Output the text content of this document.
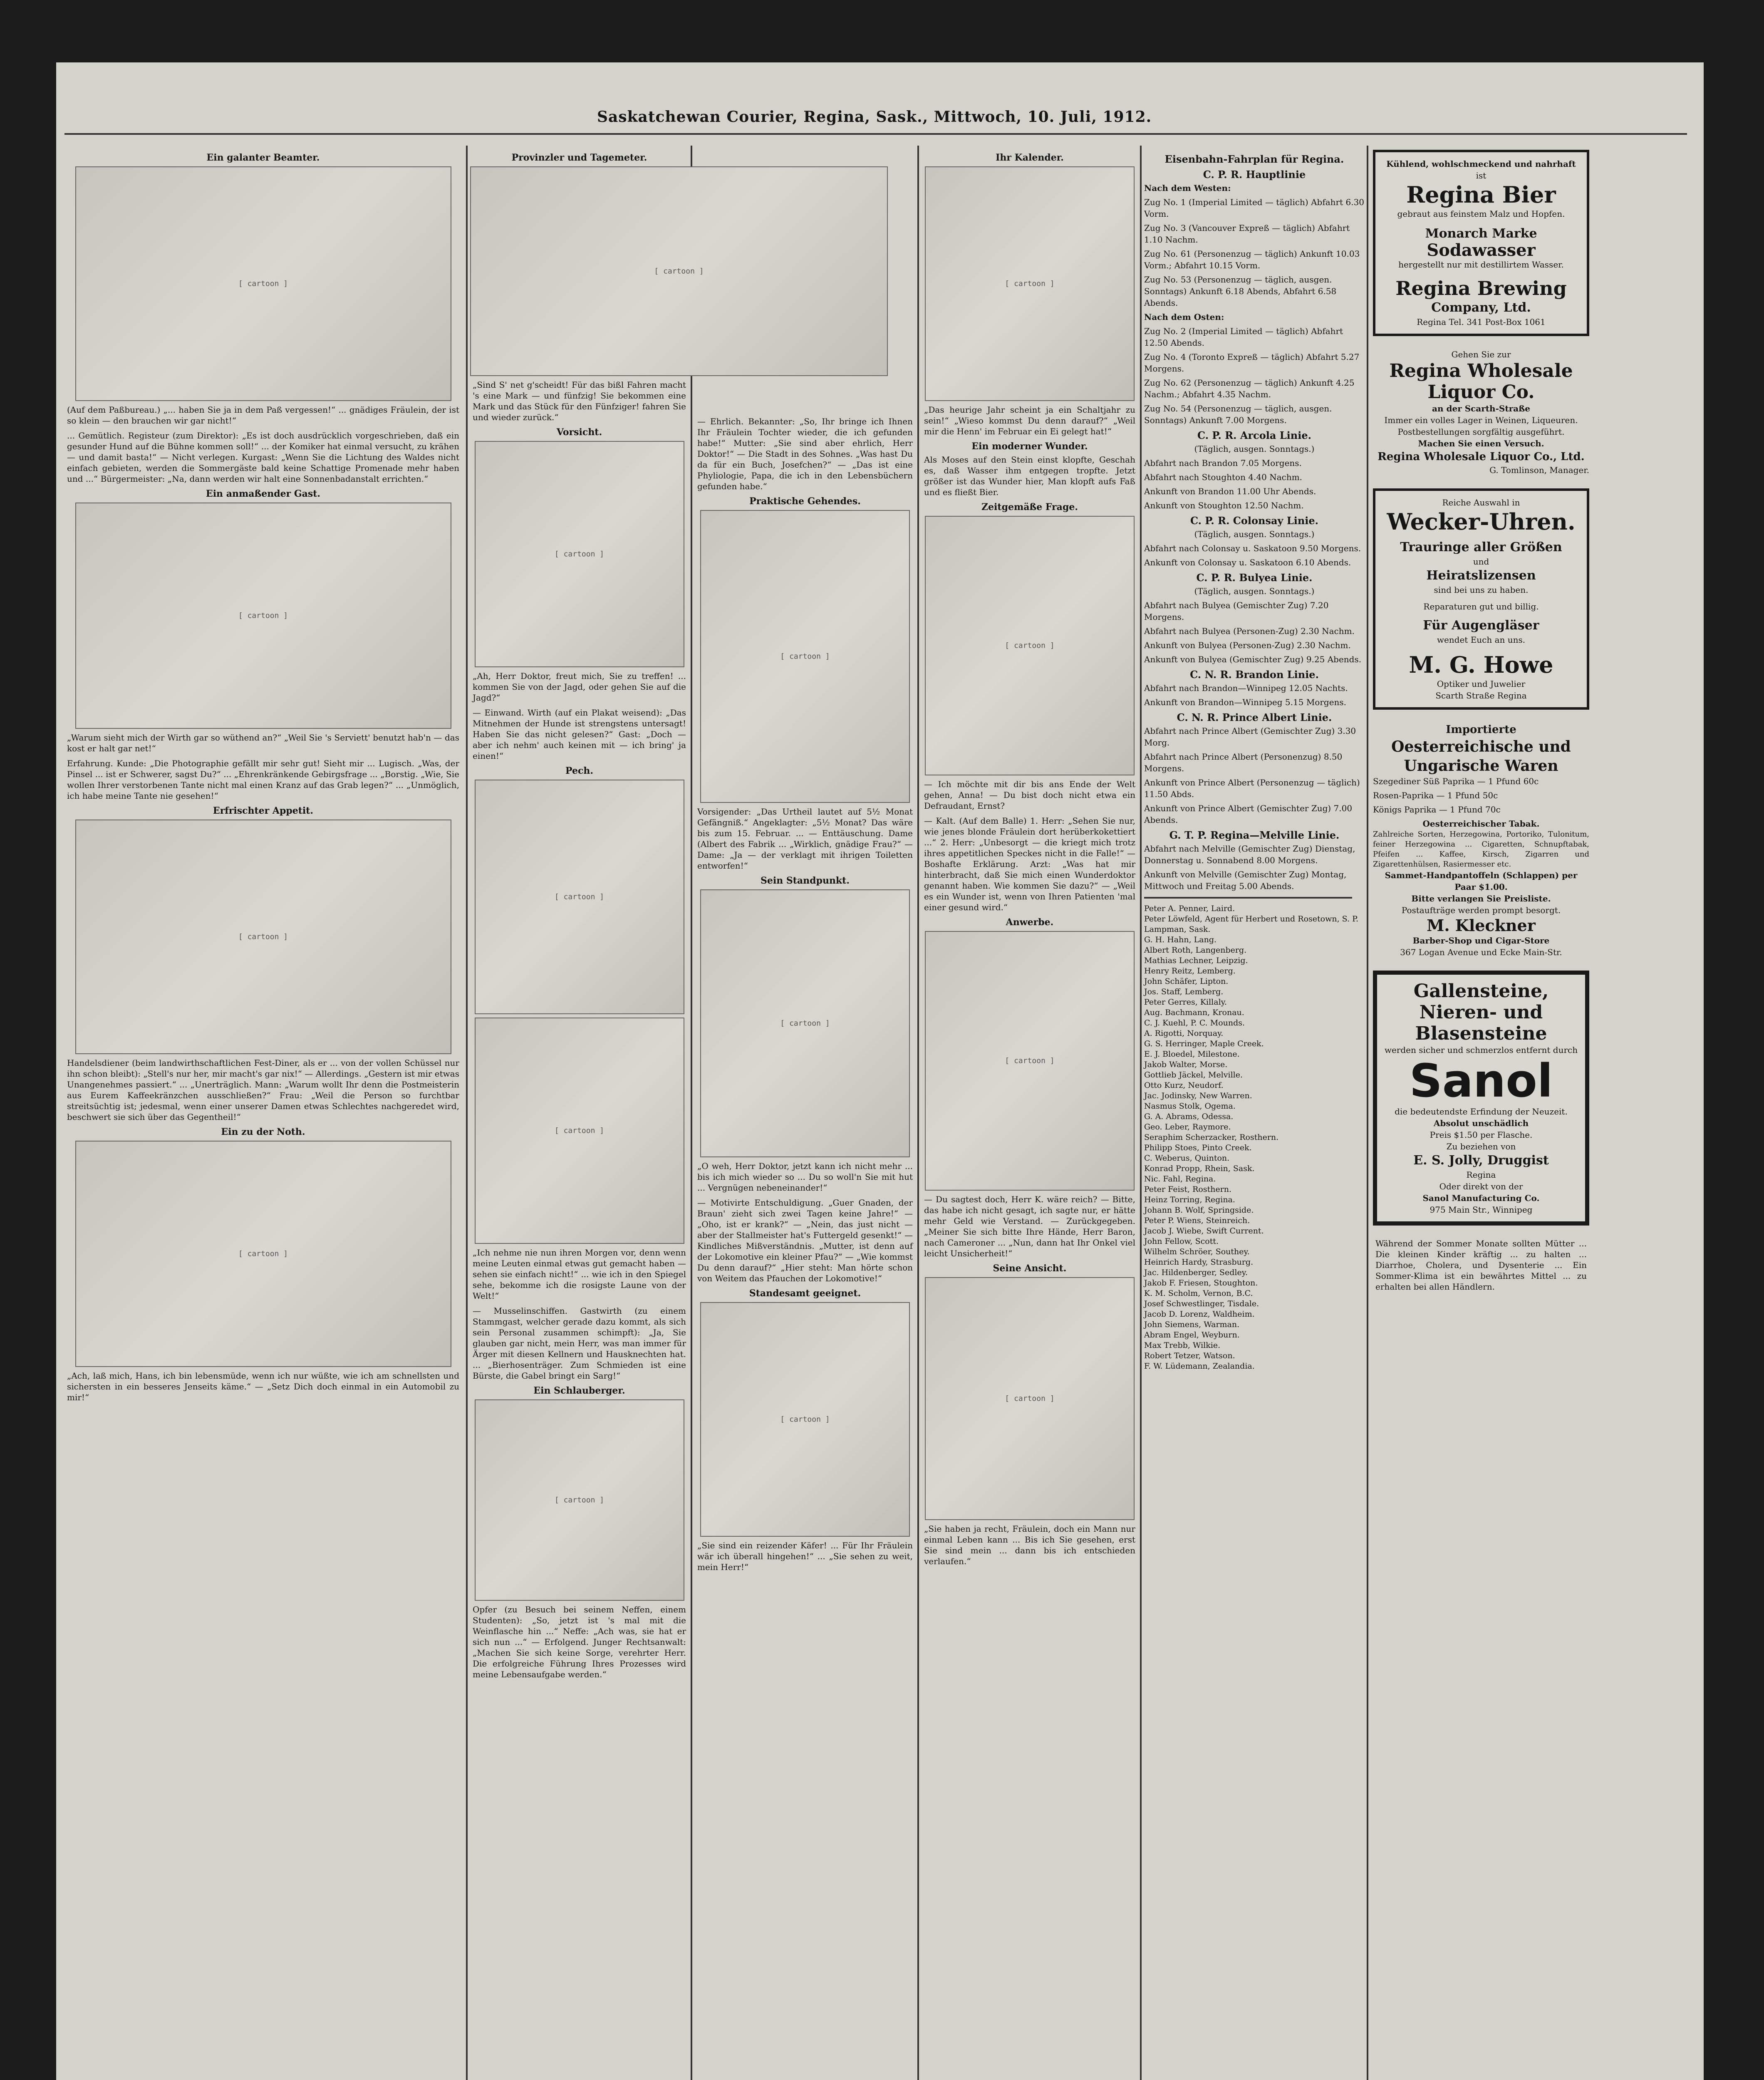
Saskatchewan Courier, Regina, Sask., Mittwoch, 10. Juli, 1912.
Ein galanter Beamter.
[ cartoon ]
(Auf dem Paßbureau.) „... haben Sie ja in dem Paß vergessen!“ ... gnädiges Fräulein, der ist so klein — den brauchen wir gar nicht!“
... Gemütlich. Registeur (zum Direktor): „Es ist doch ausdrücklich vorgeschrieben, daß ein gesunder Hund auf die Bühne kommen soll!“ ... der Komiker hat einmal versucht, zu krähen — und damit basta!“ — Nicht verlegen. Kurgast: „Wenn Sie die Lichtung des Waldes nicht einfach gebieten, werden die Sommergäste bald keine Schattige Promenade mehr haben und ...“ Bürgermeister: „Na, dann werden wir halt eine Sonnenbadanstalt errichten.“
Ein anmaßender Gast.
[ cartoon ]
„Warum sieht mich der Wirth gar so wüthend an?“ „Weil Sie 's Serviett' benutzt hab'n — das kost er halt gar net!“
Erfahrung. Kunde: „Die Photographie gefällt mir sehr gut! Sieht mir ... Lugisch. „Was, der Pinsel ... ist er Schwerer, sagst Du?“ ... „Ehrenkränkende Gebirgsfrage ... „Borstig. „Wie, Sie wollen Ihrer verstorbenen Tante nicht mal einen Kranz auf das Grab legen?“ ... „Unmöglich, ich habe meine Tante nie gesehen!“
Erfrischter Appetit.
[ cartoon ]
Handelsdiener (beim landwirthschaftlichen Fest-Diner, als er ... von der vollen Schüssel nur ihn schon bleibt): „Stell's nur her, mir macht's gar nix!“ — Allerdings. „Gestern ist mir etwas Unangenehmes passiert.“ ... „Unerträglich. Mann: „Warum wollt Ihr denn die Postmeisterin aus Eurem Kaffeekränzchen ausschließen?“ Frau: „Weil die Person so furchtbar streitsüchtig ist; jedesmal, wenn einer unserer Damen etwas Schlechtes nachgeredet wird, beschwert sie sich über das Gegentheil!“
Ein zu der Noth.
[ cartoon ]
„Ach, laß mich, Hans, ich bin lebensmüde, wenn ich nur wüßte, wie ich am schnellsten und sichersten in ein besseres Jenseits käme.“ — „Setz Dich doch einmal in ein Automobil zu mir!“
Provinzler und Tagemeter.
[ cartoon ]
„Sind S' net g'scheidt! Für das bißl Fahren macht 's eine Mark — und fünfzig! Sie bekommen eine Mark und das Stück für den Fünfziger! fahren Sie und wieder zurück.“
Vorsicht.
[ cartoon ]
„Ah, Herr Doktor, freut mich, Sie zu treffen! ... kommen Sie von der Jagd, oder gehen Sie auf die Jagd?“
— Einwand. Wirth (auf ein Plakat weisend): „Das Mitnehmen der Hunde ist strengstens untersagt! Haben Sie das nicht gelesen?“ Gast: „Doch — aber ich nehm' auch keinen mit — ich bring' ja einen!“
Pech.
[ cartoon ]
[ cartoon ]
„Ich nehme nie nun ihren Morgen vor, denn wenn meine Leuten einmal etwas gut gemacht haben — sehen sie einfach nicht!“ ... wie ich in den Spiegel sehe, bekomme ich die rosigste Laune von der Welt!“
— Musselinschiffen. Gastwirth (zu einem Stammgast, welcher gerade dazu kommt, als sich sein Personal zusammen schimpft): „Ja, Sie glauben gar nicht, mein Herr, was man immer für Ärger mit diesen Kellnern und Hausknechten hat. ... „Bierhosenträger. Zum Schmieden ist eine Bürste, die Gabel bringt ein Sarg!“
Ein Schlauberger.
[ cartoon ]
Opfer (zu Besuch bei seinem Neffen, einem Studenten): „So, jetzt ist 's mal mit die Weinflasche hin ...“ Neffe: „Ach was, sie hat er sich nun ...“ — Erfolgend. Junger Rechtsanwalt: „Machen Sie sich keine Sorge, verehrter Herr. Die erfolgreiche Führung Ihres Prozesses wird meine Lebensaufgabe werden.“
— Ehrlich. Bekannter: „So, Ihr bringe ich Ihnen Ihr Fräulein Tochter wieder, die ich gefunden habe!“ Mutter: „Sie sind aber ehrlich, Herr Doktor!“ — Die Stadt in des Sohnes. „Was hast Du da für ein Buch, Josefchen?“ — „Das ist eine Phyliologie, Papa, die ich in den Lebensbüchern gefunden habe.“
Praktische Gehendes.
[ cartoon ]
Vorsigender: „Das Urtheil lautet auf 5½ Monat Gefängniß.“ Angeklagter: „5½ Monat? Das wäre bis zum 15. Februar. ... — Enttäuschung. Dame (Albert des Fabrik ... „Wirklich, gnädige Frau?“ — Dame: „Ja — der verklagt mit ihrigen Toiletten entworfen!“
Sein Standpunkt.
[ cartoon ]
„O weh, Herr Doktor, jetzt kann ich nicht mehr ... bis ich mich wieder so ... Du so woll'n Sie mit hut ... Vergnügen nebeneinander!“
— Motivirte Entschuldigung. „Guer Gnaden, der Braun' zieht sich zwei Tagen keine Jahre!“ — „Oho, ist er krank?“ — „Nein, das just nicht — aber der Stallmeister hat's Futtergeld gesenkt!“ — Kindliches Mißverständnis. „Mutter, ist denn auf der Lokomotive ein kleiner Pfau?“ — „Wie kommst Du denn darauf?“ „Hier steht: Man hörte schon von Weitem das Pfauchen der Lokomotive!“
Standesamt geeignet.
[ cartoon ]
„Sie sind ein reizender Käfer! ... Für Ihr Fräulein wär ich überall hingehen!“ ... „Sie sehen zu weit, mein Herr!“
Ihr Kalender.
[ cartoon ]
„Das heurige Jahr scheint ja ein Schaltjahr zu sein!“ „Wieso kommst Du denn darauf?“ „Weil mir die Henn' im Februar ein Ei gelegt hat!“
Ein moderner Wunder.
Als Moses auf den Stein einst klopfte, Geschah es, daß Wasser ihm entgegen tropfte. Jetzt größer ist das Wunder hier, Man klopft aufs Faß und es fließt Bier.
Zeitgemäße Frage.
[ cartoon ]
— Ich möchte mit dir bis ans Ende der Welt gehen, Anna! — Du bist doch nicht etwa ein Defraudant, Ernst?
— Kalt. (Auf dem Balle) 1. Herr: „Sehen Sie nur, wie jenes blonde Fräulein dort herüberkokettiert ...“ 2. Herr: „Unbesorgt — die kriegt mich trotz ihres appetitlichen Speckes nicht in die Falle!“ — Boshafte Erklärung. Arzt: „Was hat mir hinterbracht, daß Sie mich einen Wunderdoktor genannt haben. Wie kommen Sie dazu?“ — „Weil es ein Wunder ist, wenn von Ihren Patienten 'mal einer gesund wird.“
Anwerbe.
[ cartoon ]
— Du sagtest doch, Herr K. wäre reich? — Bitte, das habe ich nicht gesagt, ich sagte nur, er hätte mehr Geld wie Verstand. — Zurückgegeben. „Meiner Sie sich bitte Ihre Hände, Herr Baron, nach Cameroner ... „Nun, dann hat Ihr Onkel viel leicht Unsicherheit!“
Seine Ansicht.
[ cartoon ]
„Sie haben ja recht, Fräulein, doch ein Mann nur einmal Leben kann ... Bis ich Sie gesehen, erst Sie sind mein ... dann bis ich entschieden verlaufen.“
Eisenbahn-Fahrplan für Regina.
C. P. R. Hauptlinie
Nach dem Westen:
Zug No. 1 (Imperial Limited — täglich) Abfahrt 6.30 Vorm.
Zug No. 3 (Vancouver Expreß — täglich) Abfahrt 1.10 Nachm.
Zug No. 61 (Personenzug — täglich) Ankunft 10.03 Vorm.; Abfahrt 10.15 Vorm.
Zug No. 53 (Personenzug — täglich, ausgen. Sonntags) Ankunft 6.18 Abends, Abfahrt 6.58 Abends.
Nach dem Osten:
Zug No. 2 (Imperial Limited — täglich) Abfahrt 12.50 Abends.
Zug No. 4 (Toronto Expreß — täglich) Abfahrt 5.27 Morgens.
Zug No. 62 (Personenzug — täglich) Ankunft 4.25 Nachm.; Abfahrt 4.35 Nachm.
Zug No. 54 (Personenzug — täglich, ausgen. Sonntags) Ankunft 7.00 Morgens.
C. P. R. Arcola Linie.
(Täglich, ausgen. Sonntags.)
Abfahrt nach Brandon 7.05 Morgens.
Abfahrt nach Stoughton 4.40 Nachm.
Ankunft von Brandon 11.00 Uhr Abends.
Ankunft von Stoughton 12.50 Nachm.
C. P. R. Colonsay Linie.
(Täglich, ausgen. Sonntags.)
Abfahrt nach Colonsay u. Saskatoon 9.50 Morgens.
Ankunft von Colonsay u. Saskatoon 6.10 Abends.
C. P. R. Bulyea Linie.
(Täglich, ausgen. Sonntags.)
Abfahrt nach Bulyea (Gemischter Zug) 7.20 Morgens.
Abfahrt nach Bulyea (Personen-Zug) 2.30 Nachm.
Ankunft von Bulyea (Personen-Zug) 2.30 Nachm.
Ankunft von Bulyea (Gemischter Zug) 9.25 Abends.
C. N. R. Brandon Linie.
Abfahrt nach Brandon—Winnipeg 12.05 Nachts.
Ankunft von Brandon—Winnipeg 5.15 Morgens.
C. N. R. Prince Albert Linie.
Abfahrt nach Prince Albert (Gemischter Zug) 3.30 Morg.
Abfahrt nach Prince Albert (Personenzug) 8.50 Morgens.
Ankunft von Prince Albert (Personenzug — täglich) 11.50 Abds.
Ankunft von Prince Albert (Gemischter Zug) 7.00 Abends.
G. T. P. Regina—Melville Linie.
Abfahrt nach Melville (Gemischter Zug) Dienstag, Donnerstag u. Sonnabend 8.00 Morgens.
Ankunft von Melville (Gemischter Zug) Montag, Mittwoch und Freitag 5.00 Abends.
Peter A. Penner, Laird.
Peter Löwfeld, Agent für Herbert und Rosetown, S. P.
Lampman, Sask.
G. H. Hahn, Lang.
Albert Roth, Langenberg.
Mathias Lechner, Leipzig.
Henry Reitz, Lemberg.
John Schäfer, Lipton.
Jos. Staff, Lemberg.
Peter Gerres, Killaly.
Aug. Bachmann, Kronau.
C. J. Kuehl, P. C. Mounds.
A. Rigotti, Norquay.
G. S. Herringer, Maple Creek.
E. J. Bloedel, Milestone.
Jakob Walter, Morse.
Gottlieb Jäckel, Melville.
Otto Kurz, Neudorf.
Jac. Jodinsky, New Warren.
Nasmus Stolk, Ogema.
G. A. Abrams, Odessa.
Geo. Leber, Raymore.
Seraphim Scherzacker, Rosthern.
Philipp Stoes, Pinto Creek.
C. Weberus, Quinton.
Konrad Propp, Rhein, Sask.
Nic. Fahl, Regina.
Peter Feist, Rosthern.
Heinz Torring, Regina.
Johann B. Wolf, Springside.
Peter P. Wiens, Steinreich.
Jacob J. Wiebe, Swift Current.
John Fellow, Scott.
Wilhelm Schröer, Southey.
Heinrich Hardy, Strasburg.
Jac. Hildenberger, Sedley.
Jakob F. Friesen, Stoughton.
K. M. Scholm, Vernon, B.C.
Josef Schwestlinger, Tisdale.
Jacob D. Lorenz, Waldheim.
John Siemens, Warman.
Abram Engel, Weyburn.
Max Trebb, Wilkie.
Robert Tetzer, Watson.
F. W. Lüdemann, Zealandia.
Kühlend, wohlschmeckend und nahrhaft
ist
Regina Bier
gebraut aus feinstem Malz und Hopfen.
Monarch Marke
Sodawasser
hergestellt nur mit destillirtem Wasser.
Regina Brewing
Company, Ltd.
Regina Tel. 341 Post-Box 1061
Gehen Sie zur
Regina Wholesale Liquor Co.
an der Scarth-Straße
Immer ein volles Lager in Weinen, Liqueuren. Postbestellungen sorgfältig ausgeführt.
Machen Sie einen Versuch.
Regina Wholesale Liquor Co., Ltd.
G. Tomlinson, Manager.
Reiche Auswahl in
Wecker-Uhren.
Trauringe aller Größen
und
Heiratslizensen
sind bei uns zu haben.
Reparaturen gut und billig.
Für Augengläser
wendet Euch an uns.
M. G. Howe
Optiker und Juwelier
Scarth Straße Regina
Importierte
Oesterreichische und Ungarische Waren
Szegediner Süß Paprika — 1 Pfund 60c
Rosen-Paprika — 1 Pfund 50c
Königs Paprika — 1 Pfund 70c
Oesterreichischer Tabak.
Zahlreiche Sorten, Herzegowina, Portoriko, Tulonitum, feiner Herzegowina ... Cigaretten, Schnupftabak, Pfeifen ... Kaffee, Kirsch, Zigarren und Zigarettenhülsen, Rasiermesser etc.
Sammet-Handpantoffeln (Schlappen) per Paar $1.00.
Bitte verlangen Sie Preisliste.
Postaufträge werden prompt besorgt.
M. Kleckner
Barber-Shop und Cigar-Store
367 Logan Avenue und Ecke Main-Str.
Gallensteine,
Nieren- und
Blasensteine
werden sicher und schmerzlos entfernt durch
Sanol
die bedeutendste Erfindung der Neuzeit.
Absolut unschädlich
Preis $1.50 per Flasche.
Zu beziehen von
E. S. Jolly, Druggist
Regina
Oder direkt von der
Sanol Manufacturing Co.
975 Main Str., Winnipeg
Während der Sommer Monate sollten Mütter ... Die kleinen Kinder kräftig ... zu halten ... Diarrhoe, Cholera, und Dysenterie ... Ein Sommer-Klima ist ein bewährtes Mittel ... zu erhalten bei allen Händlern.
